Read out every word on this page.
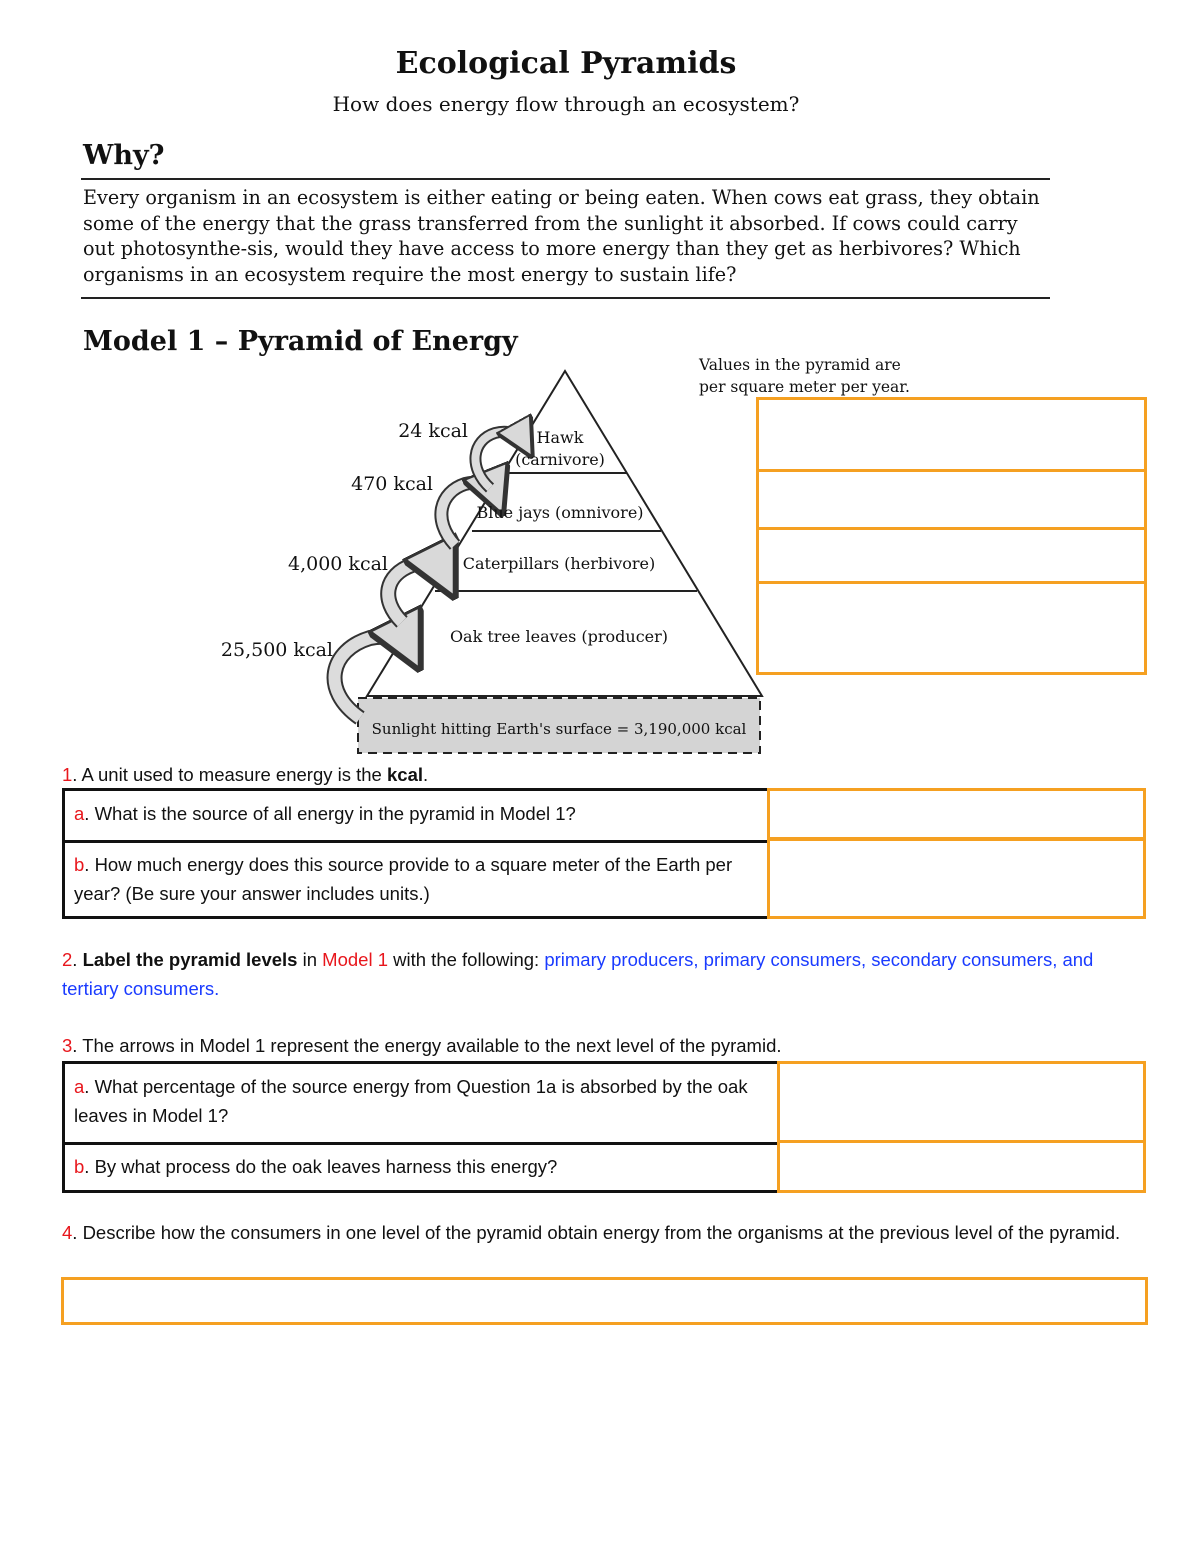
Ecological Pyramids
How does energy flow through an ecosystem?
Why?
Every organism in an ecosystem is either eating or being eaten. When cows eat grass, they obtain some of the energy that the grass transferred from the sunlight it absorbed. If cows could carry out photosynthe-sis, would they have access to more energy than they get as herbivores? Which organisms in an ecosystem require the most energy to sustain life?
Model 1 – Pyramid of Energy
Values in the pyramid are per square meter per year.
Hawk
(carnivore)
Blue jays (omnivore)
Caterpillars (herbivore)
Oak tree leaves (producer)
Sunlight hitting Earth's surface = 3,190,000 kcal
24 kcal
470 kcal
4,000 kcal
25,500 kcal
1. A unit used to measure energy is the kcal.
a. What is the source of all energy in the pyramid in Model 1?
b. How much energy does this source provide to a square meter of the Earth per year? (Be sure your answer includes units.)
2. Label the pyramid levels in Model 1 with the following: primary producers, primary consumers, secondary consumers, and tertiary consumers.
3. The arrows in Model 1 represent the energy available to the next level of the pyramid.
a. What percentage of the source energy from Question 1a is absorbed by the oak leaves in Model 1?
b. By what process do the oak leaves harness this energy?
4. Describe how the consumers in one level of the pyramid obtain energy from the organisms at the previous level of the pyramid.
